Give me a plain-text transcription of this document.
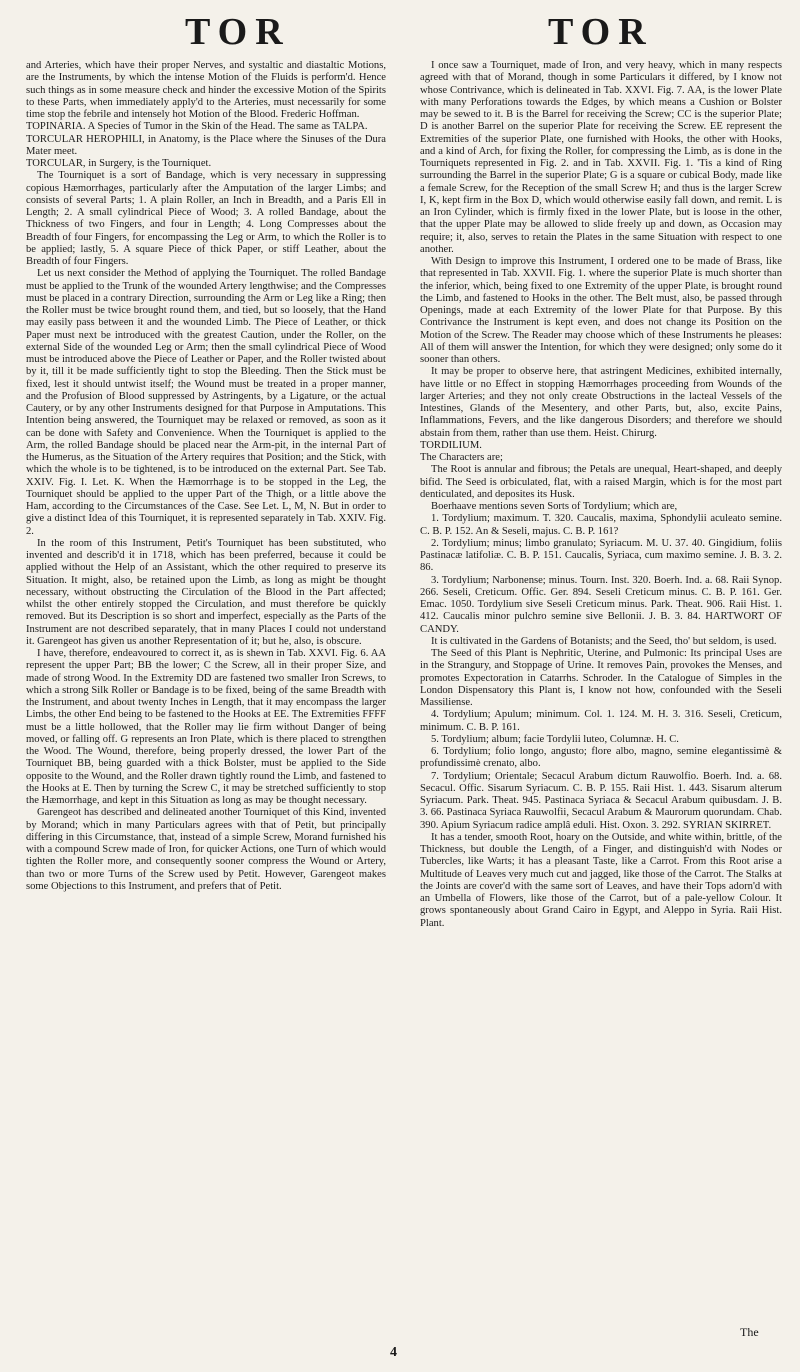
TOR	TOR

and Arteries, which have their proper Nerves, and systaltic and diastaltic Motions, are the Instruments, by which the intense Motion of the Fluids is perform'd. Hence such things as in some measure check and hinder the excessive Motion of the Spirits to these Parts, when immediately apply'd to the Arteries, must necessarily for some time stop the febrile and intensely hot Motion of the Blood. Frederic Hoffman.

TOPINARIA. A Species of Tumor in the Skin of the Head. The same as TALPA.

TORCULAR HEROPHILI, in Anatomy, is the Place where the Sinuses of the Dura Mater meet.

TORCULAR, in Surgery, is the Tourniquet.

The Tourniquet is a sort of Bandage, which is very necessary in suppressing copious Hæmorrhages, particularly after the Amputation of the larger Limbs; and consists of several Parts; 1. A plain Roller, an Inch in Breadth, and a Paris Ell in Length; 2. A small cylindrical Piece of Wood; 3. A rolled Bandage, about the Thickness of two Fingers, and four in Length; 4. Long Compresses about the Breadth of four Fingers, for encompassing the Leg or Arm, to which the Roller is to be applied; lastly, 5. A square Piece of thick Paper, or stiff Leather, about the Breadth of four Fingers.

Let us next consider the Method of applying the Tourniquet. The rolled Bandage must be applied to the Trunk of the wounded Artery lengthwise; and the Compresses must be placed in a contrary Direction, surrounding the Arm or Leg like a Ring; then the Roller must be twice brought round them, and tied, but so loosely, that the Hand may easily pass between it and the wounded Limb. The Piece of Leather, or thick Paper must next be introduced with the greatest Caution, under the Roller, on the external Side of the wounded Leg or Arm; then the small cylindrical Piece of Wood must be introduced above the Piece of Leather or Paper, and the Roller twisted about by it, till it be made sufficiently tight to stop the Bleeding. Then the Stick must be fixed, lest it should untwist itself; the Wound must be treated in a proper manner, and the Profusion of Blood suppressed by Astringents, by a Ligature, or the actual Cautery, or by any other Instruments designed for that Purpose in Amputations. This Intention being answered, the Tourniquet may be relaxed or removed, as soon as it can be done with Safety and Convenience. When the Tourniquet is applied to the Arm, the rolled Bandage should be placed near the Arm-pit, in the internal Part of the Humerus, as the Situation of the Artery requires that Position; and the Stick, with which the whole is to be tightened, is to be introduced on the external Part. See Tab. XXIV. Fig. I. Let. K. When the Hæmorrhage is to be stopped in the Leg, the Tourniquet should be applied to the upper Part of the Thigh, or a little above the Ham, according to the Circumstances of the Case. See Let. L, M, N. But in order to give a distinct Idea of this Tourniquet, it is represented separately in Tab. XXIV. Fig. 2.

In the room of this Instrument, Petit's Tourniquet has been substituted, who invented and describ'd it in 1718, which has been preferred, because it could be applied without the Help of an Assistant, which the other required to preserve its Situation. It might, also, be retained upon the Limb, as long as might be thought necessary, without obstructing the Circulation of the Blood in the Part affected; whilst the other entirely stopped the Circulation, and must therefore be quickly removed. But its Description is so short and imperfect, especially as the Parts of the Instrument are not described separately, that in many Places I could not understand it. Garengeot has given us another Representation of it; but he, also, is obscure.

I have, therefore, endeavoured to correct it, as is shewn in Tab. XXVI. Fig. 6. AA represent the upper Part; BB the lower; C the Screw, all in their proper Size, and made of strong Wood. In the Extremity DD are fastened two smaller Iron Screws, to which a strong Silk Roller or Bandage is to be fixed, being of the same Breadth with the Instrument, and about twenty Inches in Length, that it may encompass the larger Limbs, the other End being to be fastened to the Hooks at EE. The Extremities FFFF must be a little hollowed, that the Roller may lie firm without Danger of being moved, or falling off. G represents an Iron Plate, which is there placed to strengthen the Wood. The Wound, therefore, being properly dressed, the lower Part of the Tourniquet BB, being guarded with a thick Bolster, must be applied to the Side opposite to the Wound, and the Roller drawn tightly round the Limb, and fastened to the Hooks at E. Then by turning the Screw C, it may be stretched sufficiently to stop the Hæmorrhage, and kept in this Situation as long as may be thought necessary.

Garengeot has described and delineated another Tourniquet of this Kind, invented by Morand; which in many Particulars agrees with that of Petit, but principally differing in this Circumstance, that, instead of a simple Screw, Morand furnished his with a compound Screw made of Iron, for quicker Actions, one Turn of which would tighten the Roller more, and consequently sooner compress the Wound or Artery, than two or more Turns of the Screw used by Petit. However, Garengeot makes some Objections to this Instrument, and prefers that of Petit.

I once saw a Tourniquet, made of Iron, and very heavy, which in many respects agreed with that of Morand, though in some Particulars it differed, by I know not whose Contrivance, which is delineated in Tab. XXVI. Fig. 7. AA, is the lower Plate with many Perforations towards the Edges, by which means a Cushion or Bolster may be sewed to it. B is the Barrel for receiving the Screw; CC is the superior Plate; D is another Barrel on the superior Plate for receiving the Screw. EE represent the Extremities of the superior Plate, one furnished with Hooks, the other with Hooks, and a kind of Arch, for fixing the Roller, for compressing the Limb, as is done in the Tourniquets represented in Fig. 2. and in Tab. XXVII. Fig. 1. 'Tis a kind of Ring surrounding the Barrel in the superior Plate; G is a square or cubical Body, made like a female Screw, for the Reception of the small Screw H; and thus is the larger Screw I, K, kept firm in the Box D, which would otherwise easily fall down, and remit. L is an Iron Cylinder, which is firmly fixed in the lower Plate, but is loose in the other, that the upper Plate may be allowed to slide freely up and down, as Occasion may require; it, also, serves to retain the Plates in the same Situation with respect to one another.

With Design to improve this Instrument, I ordered one to be made of Brass, like that represented in Tab. XXVII. Fig. 1. where the superior Plate is much shorter than the inferior, which, being fixed to one Extremity of the upper Plate, is brought round the Limb, and fastened to Hooks in the other. The Belt must, also, be passed through Openings, made at each Extremity of the lower Plate for that Purpose. By this Contrivance the Instrument is kept even, and does not change its Position on the Motion of the Screw. The Reader may choose which of these Instruments he pleases: All of them will answer the Intention, for which they were designed; only some do it sooner than others.

It may be proper to observe here, that astringent Medicines, exhibited internally, have little or no Effect in stopping Hæmorrhages proceeding from Wounds of the larger Arteries; and they not only create Obstructions in the lacteal Vessels of the Intestines, Glands of the Mesentery, and other Parts, but, also, excite Pains, Inflammations, Fevers, and the like dangerous Disorders; and therefore we should abstain from them, rather than use them. Heist. Chirurg.

TORDILIUM.

The Characters are;

The Root is annular and fibrous; the Petals are unequal, Heart-shaped, and deeply bifid. The Seed is orbiculated, flat, with a raised Margin, which is for the most part denticulated, and deposites its Husk.

Boerhaave mentions seven Sorts of Tordylium; which are,

1. Tordylium; maximum. T. 320. Caucalis, maxima, Sphondylii aculeato semine. C. B. P. 152. An & Seseli, majus. C. B. P. 161?

2. Tordylium; minus; limbo granulato; Syriacum. M. U. 37. 40. Gingidium, foliis Pastinacæ latifoliæ. C. B. P. 151. Caucalis, Syriaca, cum maximo semine. J. B. 3. 2. 86.

3. Tordylium; Narbonense; minus. Tourn. Inst. 320. Boerh. Ind. a. 68. Raii Synop. 266. Seseli, Creticum. Offic. Ger. 894. Seseli Creticum minus. C. B. P. 161. Ger. Emac. 1050. Tordylium sive Seseli Creticum minus. Park. Theat. 906. Raii Hist. 1. 412. Caucalis minor pulchro semine sive Bellonii. J. B. 3. 84. HARTWORT OF CANDY.

It is cultivated in the Gardens of Botanists; and the Seed, tho' but seldom, is used.

The Seed of this Plant is Nephritic, Uterine, and Pulmonic: Its principal Uses are in the Strangury, and Stoppage of Urine. It removes Pain, provokes the Menses, and promotes Expectoration in Catarrhs. Schroder. In the Catalogue of Simples in the London Dispensatory this Plant is, I know not how, confounded with the Seseli Massiliense.

4. Tordylium; Apulum; minimum. Col. 1. 124. M. H. 3. 316. Seseli, Creticum, minimum. C. B. P. 161.

5. Tordylium; album; facie Tordylii luteo, Columnæ. H. C.

6. Tordylium; folio longo, angusto; flore albo, magno, semine elegantissimè & profundissimè crenato, albo.

7. Tordylium; Orientale; Secacul Arabum dictum Rauwolfio. Boerh. Ind. a. 68. Secacul. Offic. Sisarum Syriacum. C. B. P. 155. Raii Hist. 1. 443. Sisarum alterum Syriacum. Park. Theat. 945. Pastinaca Syriaca & Secacul Arabum quibusdam. J. B. 3. 66. Pastinaca Syriaca Rauwolfii, Secacul Arabum & Maurorum quorundam. Chab. 390. Apium Syriacum radice amplâ eduli. Hist. Oxon. 3. 292. SYRIAN SKIRRET.

It has a tender, smooth Root, hoary on the Outside, and white within, brittle, of the Thickness, but double the Length, of a Finger, and distinguish'd with Nodes or Tubercles, like Warts; it has a pleasant Taste, like a Carrot. From this Root arise a Multitude of Leaves very much cut and jagged, like those of the Carrot. The Stalks at the Joints are cover'd with the same sort of Leaves, and have their Tops adorn'd with an Umbella of Flowers, like those of the Carrot, but of a pale-yellow Colour. It grows spontaneously about Grand Cairo in Egypt, and Aleppo in Syria. Raii Hist. Plant.

The
4
